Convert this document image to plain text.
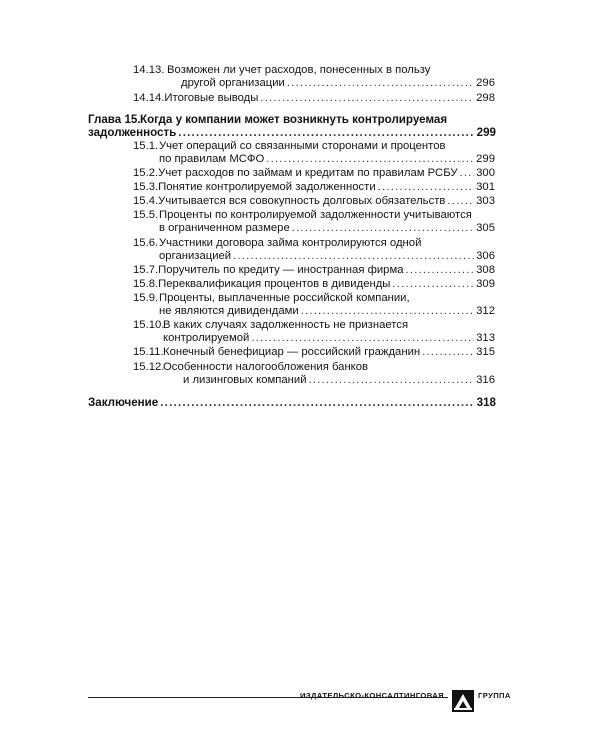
14.13. Возможен ли учет расходов, понесенных в пользу
другой организации .....	296
14.14. Итоговые выводы .....	298
Глава 15. Когда у компании может возникнуть контролируемая
задолженность .....	299
15.1. Учет операций со связанными сторонами и процентов
по правилам МСФО .....	299
15.2. Учет расходов по займам и кредитам по правилам РСБУ ..... 300
15.3. Понятие контролируемой задолженности .....	301
15.4. Учитывается вся совокупность долговых обязательств .....	303
15.5. Проценты по контролируемой задолженности учитываются
в ограниченном размере .....	305
15.6. Участники договора займа контролируются одной
организацией .....	306
15.7. Поручитель по кредиту — иностранная фирма .....	308
15.8. Переквалификация процентов в дивиденды .....	309
15.9. Проценты, выплаченные российской компании,
не являются дивидендами .....	312
15.10.
В каких случаях задолженность не признается
контролируемой .....	313
15.11. Конечный бенефициар — российский гражданин .....	315
15.12.
Особенности налогообложения банков
и лизинговых компаний .....	316
Заключение .....	318
ИЗДАТЕЛЬСКО-КОНСАЛТИНГОВАЯ	ГРУППА
